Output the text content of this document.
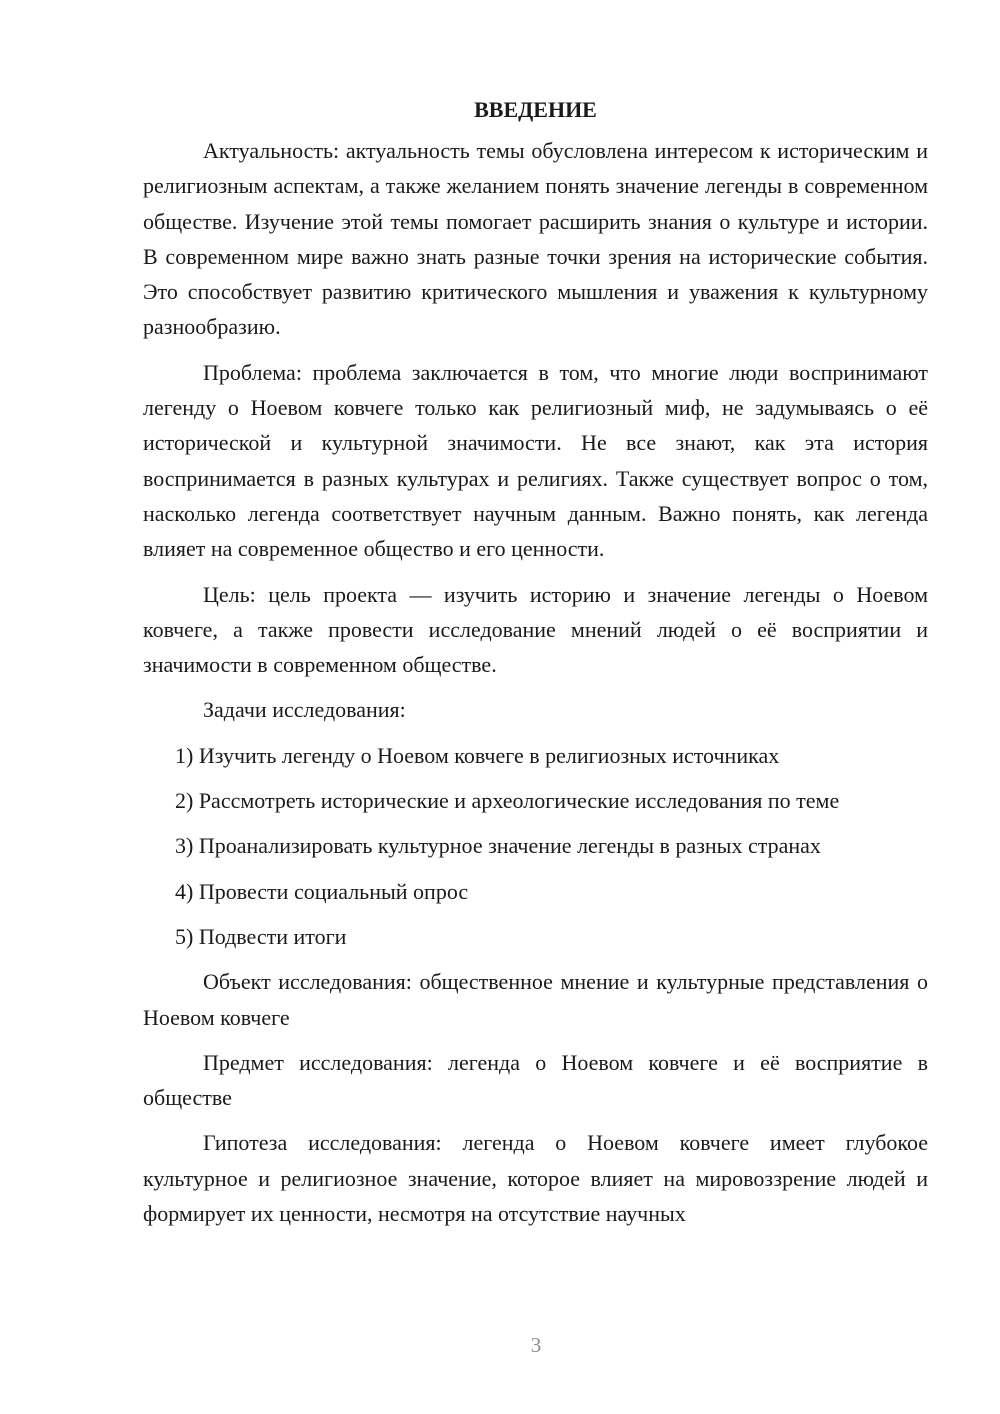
ВВЕДЕНИЕ

Актуальность: актуальность темы обусловлена интересом к историческим и религиозным аспектам, а также желанием понять значение легенды в современном обществе. Изучение этой темы помогает расширить знания о культуре и истории. В современном мире важно знать разные точки зрения на исторические события. Это способствует развитию критического мышления и уважения к культурному разнообразию.

Проблема: проблема заключается в том, что многие люди воспринимают легенду о Ноевом ковчеге только как религиозный миф, не задумываясь о её исторической и культурной значимости. Не все знают, как эта история воспринимается в разных культурах и религиях. Также существует вопрос о том, насколько легенда соответствует научным данным. Важно понять, как легенда влияет на современное общество и его ценности.

Цель: цель проекта — изучить историю и значение легенды о Ноевом ковчеге, а также провести исследование мнений людей о её восприятии и значимости в современном обществе.

Задачи исследования:

1) Изучить легенду о Ноевом ковчеге в религиозных источниках

2) Рассмотреть исторические и археологические исследования по теме

3) Проанализировать культурное значение легенды в разных странах

4) Провести социальный опрос

5) Подвести итоги

Объект исследования: общественное мнение и культурные представления о Ноевом ковчеге

Предмет исследования: легенда о Ноевом ковчеге и её восприятие в обществе

Гипотеза исследования: легенда о Ноевом ковчеге имеет глубокое культурное и религиозное значение, которое влияет на мировоззрение людей и формирует их ценности, несмотря на отсутствие научных

3
